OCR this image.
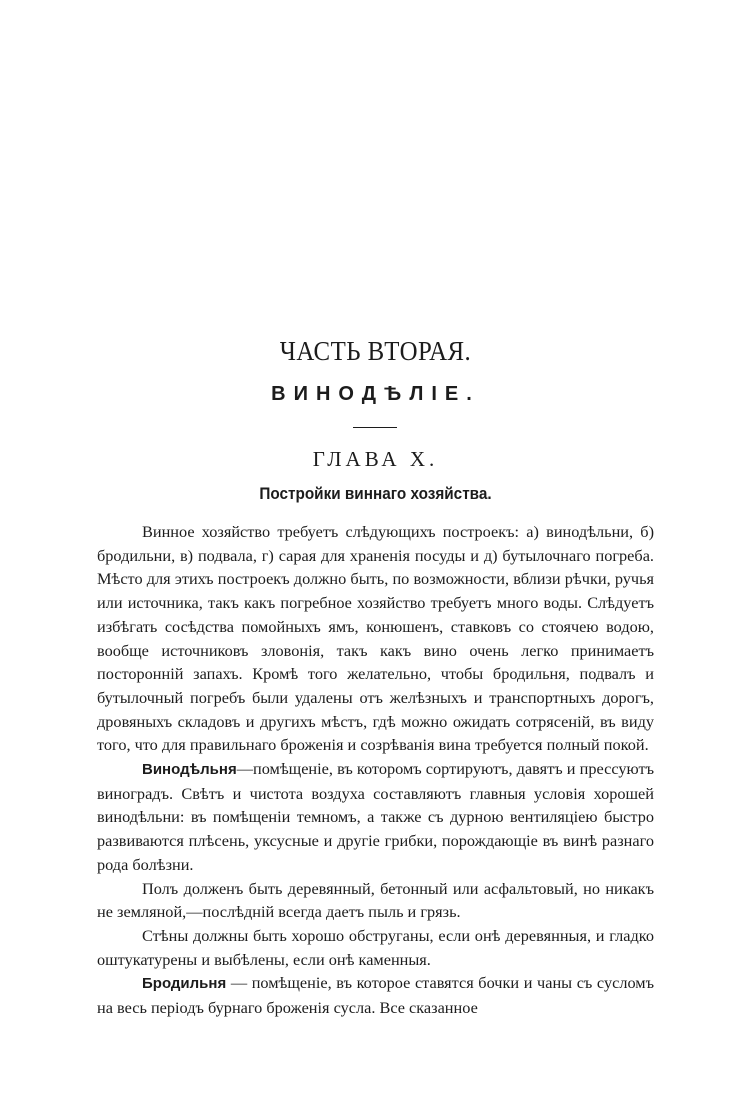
ЧАСТЬ ВТОРАЯ.
ВИНОДѢЛІЕ.
ГЛАВА X.
Постройки виннаго хозяйства.

Винное хозяйство требуетъ слѣдующихъ построекъ: а) винодѣльни, б) бродильни, в) подвала, г) сарая для храненія посуды и д) бутылочнаго погреба. Мѣсто для этихъ построекъ должно быть, по возможности, вблизи рѣчки, ручья или источника, такъ какъ погребное хозяйство требуетъ много воды. Слѣдуетъ избѣгать сосѣдства помойныхъ ямъ, конюшенъ, ставковъ со стоячею водою, вообще источниковъ зловонія, такъ какъ вино очень легко принимаетъ посторонній запахъ. Кромѣ того желательно, чтобы бродильня, подвалъ и бутылочный погребъ были удалены отъ желѣзныхъ и транспортныхъ дорогъ, дровяныхъ складовъ и другихъ мѣстъ, гдѣ можно ожидать сотрясеній, въ виду того, что для правильнаго броженія и созрѣванія вина требуется полный покой.

Винодѣльня—помѣщеніе, въ которомъ сортируютъ, давятъ и прессуютъ виноградъ. Свѣтъ и чистота воздуха составляютъ главныя условія хорошей винодѣльни: въ помѣщеніи темномъ, а также съ дурною вентиляціею быстро развиваются плѣсень, уксусные и другіе грибки, порождающіе въ винѣ разнаго рода болѣзни.

Полъ долженъ быть деревянный, бетонный или асфальтовый, но никакъ не земляной,—послѣдній всегда даетъ пыль и грязь.

Стѣны должны быть хорошо обструганы, если онѣ деревянныя, и гладко оштукатурены и выбѣлены, если онѣ каменныя.

Бродильня — помѣщеніе, въ которое ставятся бочки и чаны съ сусломъ на весь періодъ бурнаго броженія сусла. Все сказанное
